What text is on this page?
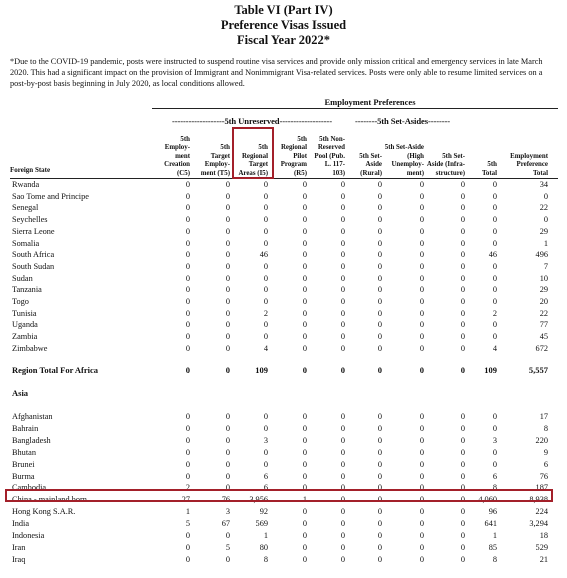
Table VI (Part IV)
Preference Visas Issued
Fiscal Year 2022*
*Due to the COVID-19 pandemic, posts were instructed to suspend routine visa services and provide only mission critical and emergency services in late March 2020. This had a significant impact on the provision of Immigrant and Nonimmigrant Visa-related services. Posts were only able to resume limited services on a post-by-post basis beginning in July 2020, as local conditions allowed.
Employment Preferences
-------------------5th Unreserved-------------------	--------5th Set-Asides--------
5th
Employ-
ment
Creation
(C5)
5th
Target
Employ-
ment (T5)
5th
Regional
Target
Areas (I5)
5th
Regional
Pilot
Program
(R5)
5th Non-
Reserved
Pool (Pub.
L. 117-
103)
5th Set-
Aside
(Rural)
5th Set-Aside
(High
Unemploy-
ment)
5th Set-
Aside (Infra-
structure)
5th
Total
Employment
Preference
Total
Foreign State
Rwanda	0	0	0	0	0	0	0	0	0	34
Sao Tome and Principe	0	0	0	0	0	0	0	0	0	0
Senegal	0	0	0	0	0	0	0	0	0	22
Seychelles	0	0	0	0	0	0	0	0	0	0
Sierra Leone	0	0	0	0	0	0	0	0	0	29
Somalia	0	0	0	0	0	0	0	0	0	1
South Africa	0	0	46	0	0	0	0	0	46	496
South Sudan	0	0	0	0	0	0	0	0	0	7
Sudan	0	0	0	0	0	0	0	0	0	10
Tanzania	0	0	0	0	0	0	0	0	0	29
Togo	0	0	0	0	0	0	0	0	0	20
Tunisia	0	0	2	0	0	0	0	0	2	22
Uganda	0	0	0	0	0	0	0	0	0	77
Zambia	0	0	0	0	0	0	0	0	0	45
Zimbabwe	0	0	4	0	0	0	0	0	4	672
Region Total For Africa	0	0	109	0	0	0	0	0	109	5,557
Asia
Afghanistan	0	0	0	0	0	0	0	0	0	17
Bahrain	0	0	0	0	0	0	0	0	0	8
Bangladesh	0	0	3	0	0	0	0	0	3	220
Bhutan	0	0	0	0	0	0	0	0	0	9
Brunei	0	0	0	0	0	0	0	0	0	6
Burma	0	0	6	0	0	0	0	0	6	76
Cambodia	2	0	6	0	0	0	0	0	8	187
China - mainland born	27	76	3,956	1	0	0	0	0	4,060	8,938
Hong Kong S.A.R.	1	3	92	0	0	0	0	0	96	224
India	5	67	569	0	0	0	0	0	641	3,294
Indonesia	0	0	1	0	0	0	0	0	1	18
Iran	0	5	80	0	0	0	0	0	85	529
Iraq	0	0	8	0	0	0	0	0	8	21
